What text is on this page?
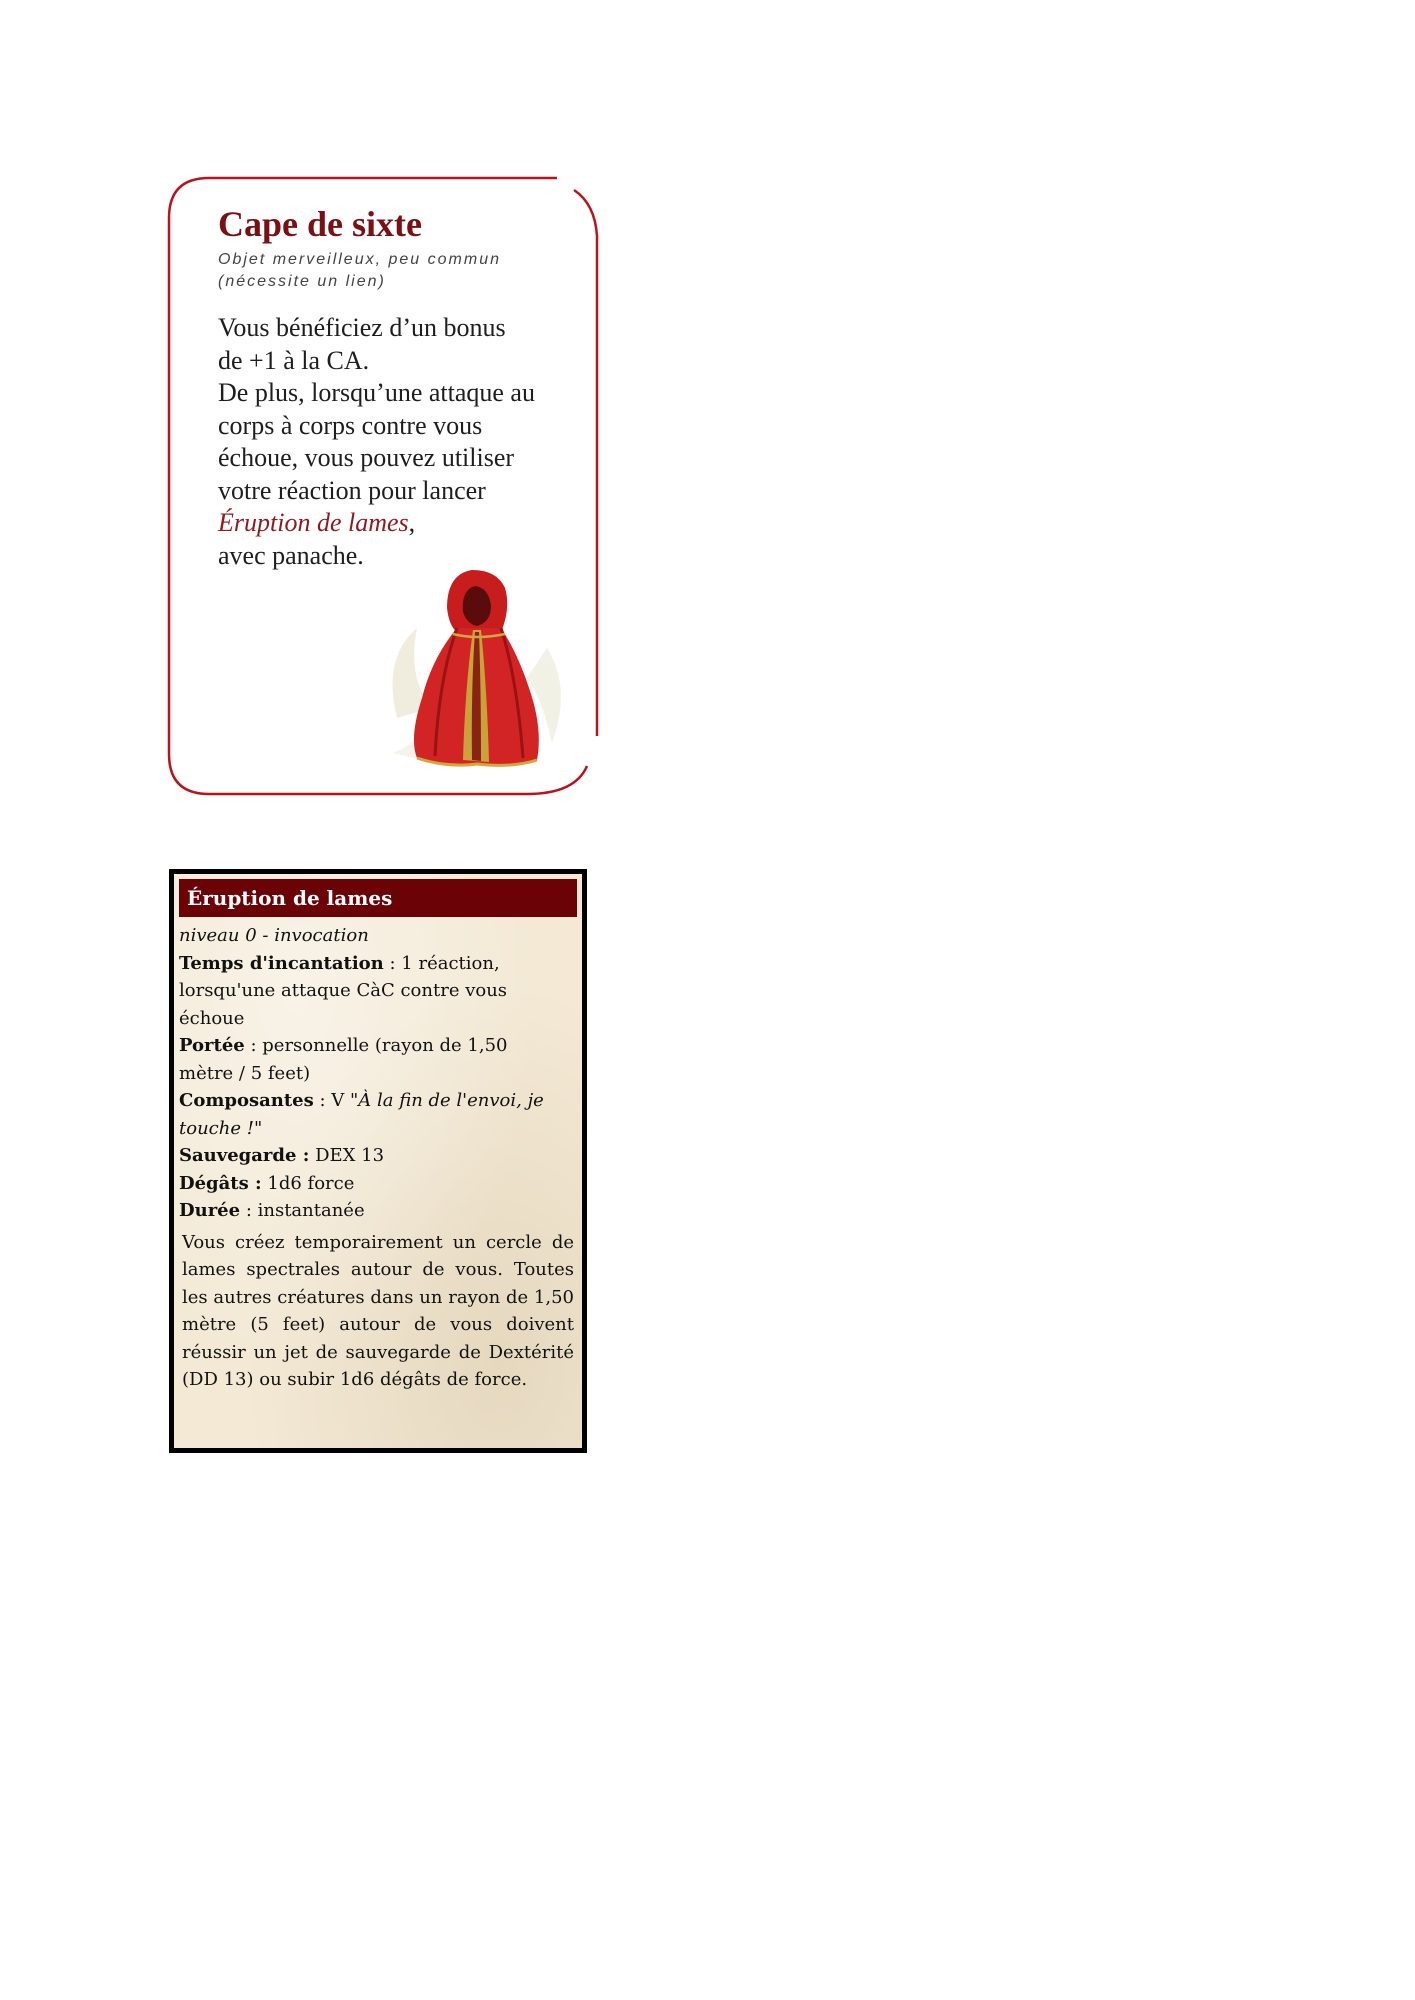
Cape de sixte
Objet merveilleux, peu commun
(nécessite un lien)
Vous bénéficiez d’un bonus
de +1 à la CA.
De plus, lorsqu’une attaque au
corps à corps contre vous
échoue, vous pouvez utiliser
votre réaction pour lancer
Éruption de lames,
avec panache.
Éruption de lames
niveau 0 - invocation
Temps d'incantation : 1 réaction,
lorsqu'une attaque CàC contre vous
échoue
Portée : personnelle (rayon de 1,50
mètre / 5 feet)
Composantes : V "À la fin de l'envoi, je
touche !"
Sauvegarde : DEX 13
Dégâts : 1d6 force
Durée : instantanée
Vous créez temporairement un cercle de lames spectrales autour de vous. Toutes les autres créatures dans un rayon de 1,50 mètre (5 feet) autour de vous doivent réussir un jet de sauvegarde de Dextérité (DD 13) ou subir 1d6 dégâts de force.
